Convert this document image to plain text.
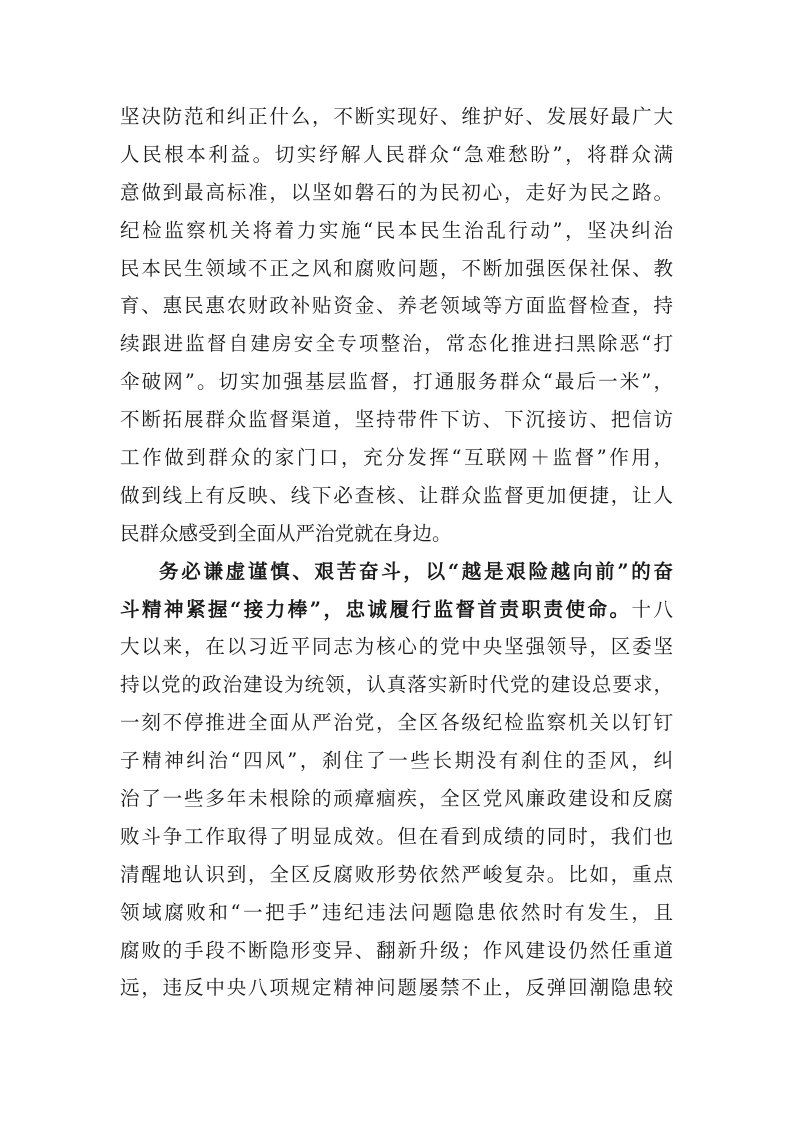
坚决防范和纠正什么，不断实现好、维护好、发展好最广大
人民根本利益。切实纾解人民群众“急难愁盼”，将群众满
意做到最高标准，以坚如磐石的为民初心，走好为民之路。
纪检监察机关将着力实施“民本民生治乱行动”，坚决纠治
民本民生领域不正之风和腐败问题，不断加强医保社保、教
育、惠民惠农财政补贴资金、养老领域等方面监督检查，持
续跟进监督自建房安全专项整治，常态化推进扫黑除恶“打
伞破网”。切实加强基层监督，打通服务群众“最后一米”，
不断拓展群众监督渠道，坚持带件下访、下沉接访、把信访
工作做到群众的家门口，充分发挥“互联网＋监督”作用，
做到线上有反映、线下必查核、让群众监督更加便捷，让人
民群众感受到全面从严治党就在身边。
务必谦虚谨慎、艰苦奋斗，以“越是艰险越向前”的奋
斗精神紧握“接力棒”，忠诚履行监督首责职责使命。十八
大以来，在以习近平同志为核心的党中央坚强领导，区委坚
持以党的政治建设为统领，认真落实新时代党的建设总要求，
一刻不停推进全面从严治党，全区各级纪检监察机关以钉钉
子精神纠治“四风”，刹住了一些长期没有刹住的歪风，纠
治了一些多年未根除的顽瘴痼疾，全区党风廉政建设和反腐
败斗争工作取得了明显成效。但在看到成绩的同时，我们也
清醒地认识到，全区反腐败形势依然严峻复杂。比如，重点
领域腐败和“一把手”违纪违法问题隐患依然时有发生，且
腐败的手段不断隐形变异、翻新升级；作风建设仍然任重道
远，违反中央八项规定精神问题屡禁不止，反弹回潮隐患较
